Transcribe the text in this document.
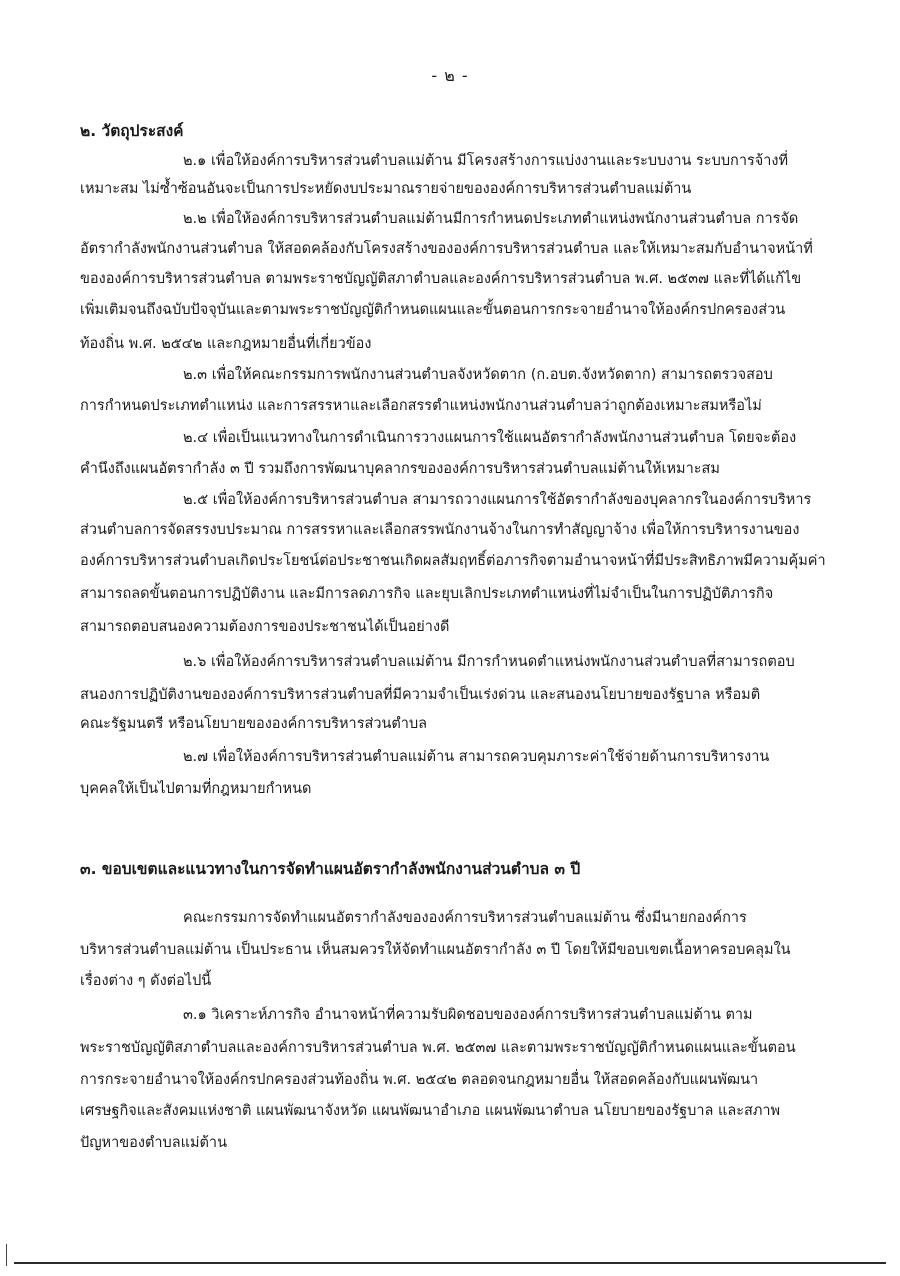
- ๒ -
๒. วัตถุประสงค์
๒.๑ เพื่อให้องค์การบริหารส่วนตำบลแม่ต้าน มีโครงสร้างการแบ่งงานและระบบงาน ระบบการจ้างที่
เหมาะสม ไม่ซ้ำซ้อนอันจะเป็นการประหยัดงบประมาณรายจ่ายขององค์การบริหารส่วนตำบลแม่ต้าน
๒.๒ เพื่อให้องค์การบริหารส่วนตำบลแม่ต้านมีการกำหนดประเภทตำแหน่งพนักงานส่วนตำบล การจัด
อัตรากำลังพนักงานส่วนตำบล ให้สอดคล้องกับโครงสร้างขององค์การบริหารส่วนตำบล และให้เหมาะสมกับอำนาจหน้าที่
ขององค์การบริหารส่วนตำบล ตามพระราชบัญญัติสภาตำบลและองค์การบริหารส่วนตำบล พ.ศ. ๒๕๓๗ และที่ได้แก้ไข
เพิ่มเติมจนถึงฉบับปัจจุบันและตามพระราชบัญญัติกำหนดแผนและขั้นตอนการกระจายอำนาจให้องค์กรปกครองส่วน
ท้องถิ่น พ.ศ. ๒๕๔๒ และกฎหมายอื่นที่เกี่ยวข้อง
๒.๓ เพื่อให้คณะกรรมการพนักงานส่วนตำบลจังหวัดตาก (ก.อบต.จังหวัดตาก) สามารถตรวจสอบ
การกำหนดประเภทตำแหน่ง และการสรรหาและเลือกสรรตำแหน่งพนักงานส่วนตำบลว่าถูกต้องเหมาะสมหรือไม่
๒.๔ เพื่อเป็นแนวทางในการดำเนินการวางแผนการใช้แผนอัตรากำลังพนักงานส่วนตำบล โดยจะต้อง
คำนึงถึงแผนอัตรากำลัง ๓ ปี รวมถึงการพัฒนาบุคลากรขององค์การบริหารส่วนตำบลแม่ต้านให้เหมาะสม
๒.๕ เพื่อให้องค์การบริหารส่วนตำบล สามารถวางแผนการใช้อัตรากำลังของบุคลากรในองค์การบริหาร
ส่วนตำบลการจัดสรรงบประมาณ การสรรหาและเลือกสรรพนักงานจ้างในการทำสัญญาจ้าง เพื่อให้การบริหารงานของ
องค์การบริหารส่วนตำบลเกิดประโยชน์ต่อประชาชนเกิดผลสัมฤทธิ์ต่อภารกิจตามอำนาจหน้าที่มีประสิทธิภาพมีความคุ้มค่า
สามารถลดขั้นตอนการปฏิบัติงาน และมีการลดภารกิจ และยุบเลิกประเภทตำแหน่งที่ไม่จำเป็นในการปฏิบัติภารกิจ
สามารถตอบสนองความต้องการของประชาชนได้เป็นอย่างดี
๒.๖ เพื่อให้องค์การบริหารส่วนตำบลแม่ต้าน มีการกำหนดตำแหน่งพนักงานส่วนตำบลที่สามารถตอบ
สนองการปฏิบัติงานขององค์การบริหารส่วนตำบลที่มีความจำเป็นเร่งด่วน และสนองนโยบายของรัฐบาล หรือมติ
คณะรัฐมนตรี หรือนโยบายขององค์การบริหารส่วนตำบล
๒.๗ เพื่อให้องค์การบริหารส่วนตำบลแม่ต้าน สามารถควบคุมภาระค่าใช้จ่ายด้านการบริหารงาน
บุคคลให้เป็นไปตามที่กฎหมายกำหนด
๓. ขอบเขตและแนวทางในการจัดทำแผนอัตรากำลังพนักงานส่วนตำบล ๓ ปี
คณะกรรมการจัดทำแผนอัตรากำลังขององค์การบริหารส่วนตำบลแม่ต้าน ซึ่งมีนายกองค์การ
บริหารส่วนตำบลแม่ต้าน เป็นประธาน เห็นสมควรให้จัดทำแผนอัตรากำลัง ๓ ปี โดยให้มีขอบเขตเนื้อหาครอบคลุมใน
เรื่องต่าง ๆ ดังต่อไปนี้
๓.๑ วิเคราะห์ภารกิจ อำนาจหน้าที่ความรับผิดชอบขององค์การบริหารส่วนตำบลแม่ต้าน ตาม
พระราชบัญญัติสภาตำบลและองค์การบริหารส่วนตำบล พ.ศ. ๒๕๓๗ และตามพระราชบัญญัติกำหนดแผนและขั้นตอน
การกระจายอำนาจให้องค์กรปกครองส่วนท้องถิ่น พ.ศ. ๒๕๔๒ ตลอดจนกฎหมายอื่น ให้สอดคล้องกับแผนพัฒนา
เศรษฐกิจและสังคมแห่งชาติ แผนพัฒนาจังหวัด แผนพัฒนาอำเภอ แผนพัฒนาตำบล นโยบายของรัฐบาล และสภาพ
ปัญหาของตำบลแม่ต้าน
